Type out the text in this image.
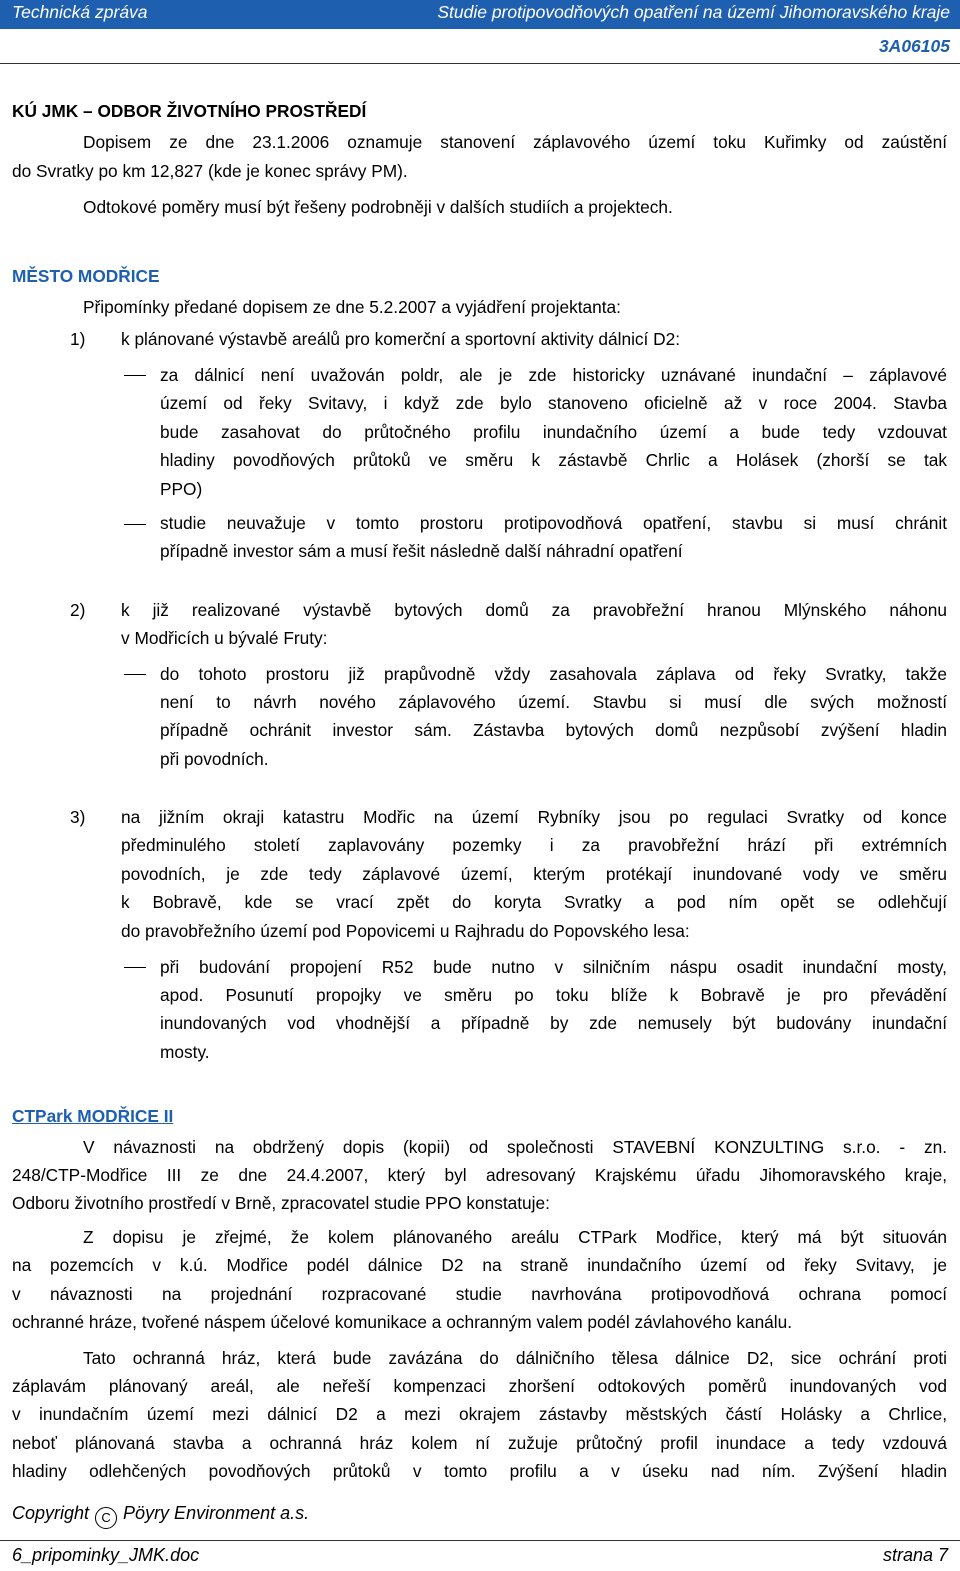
Technická zpráva	Studie protipovodňových opatření na území Jihomoravského kraje
3A06105
KÚ JMK – ODBOR ŽIVOTNÍHO PROSTŘEDÍ
Dopisem ze dne 23.1.2006 oznamuje stanovení záplavového území toku Kuřimky od zaústění
do Svratky po km 12,827 (kde je konec správy PM).
Odtokové poměry musí být řešeny podrobněji v dalších studiích a projektech.
MĚSTO MODŘICE
Připomínky předané dopisem ze dne 5.2.2007 a vyjádření projektanta:
1) k plánované výstavbě areálů pro komerční a sportovní aktivity dálnicí D2:
za dálnicí není uvažován poldr, ale je zde historicky uznávané inundační – záplavové
území od řeky Svitavy, i když zde bylo stanoveno oficielně až v roce 2004. Stavba
bude zasahovat do průtočného profilu inundačního území a bude tedy vzdouvat
hladiny povodňových průtoků ve směru k zástavbě Chrlic a Holásek (zhorší se tak
PPO)
studie neuvažuje v tomto prostoru protipovodňová opatření, stavbu si musí chránit
případně investor sám a musí řešit následně další náhradní opatření
2) k již realizované výstavbě bytových domů za pravobřežní hranou Mlýnského náhonu
v Modřicích u bývalé Fruty:
do tohoto prostoru již prapůvodně vždy zasahovala záplava od řeky Svratky, takže
není to návrh nového záplavového území. Stavbu si musí dle svých možností
případně ochránit investor sám. Zástavba bytových domů nezpůsobí zvýšení hladin
při povodních.
3) na jižním okraji katastru Modřic na území Rybníky jsou po regulaci Svratky od konce
předminulého století zaplavovány pozemky i za pravobřežní hrází při extrémních
povodních, je zde tedy záplavové území, kterým protékají inundované vody ve směru
k Bobravě, kde se vrací zpět do koryta Svratky a pod ním opět se odlehčují
do pravobřežního území pod Popovicemi u Rajhradu do Popovského lesa:
při budování propojení R52 bude nutno v silničním náspu osadit inundační mosty,
apod. Posunutí propojky ve směru po toku blíže k Bobravě je pro převádění
inundovaných vod vhodnější a případně by zde nemusely být budovány inundační
mosty.
CTPark MODŘICE II
V návaznosti na obdržený dopis (kopii) od společnosti STAVEBNÍ KONZULTING s.r.o. - zn.
248/CTP-Modřice III ze dne 24.4.2007, který byl adresovaný Krajskému úřadu Jihomoravského kraje,
Odboru životního prostředí v Brně, zpracovatel studie PPO konstatuje:
Z dopisu je zřejmé, že kolem plánovaného areálu CTPark Modřice, který má být situován
na pozemcích v k.ú. Modřice podél dálnice D2 na straně inundačního území od řeky Svitavy, je
v návaznosti na projednání rozpracované studie navrhována protipovodňová ochrana pomocí
ochranné hráze, tvořené náspem účelové komunikace a ochranným valem podél závlahového kanálu.
Tato ochranná hráz, která bude zavázána do dálničního tělesa dálnice D2, sice ochrání proti
záplavám plánovaný areál, ale neřeší kompenzaci zhoršení odtokových poměrů inundovaných vod
v inundačním území mezi dálnicí D2 a mezi okrajem zástavby městských částí Holásky a Chrlice,
neboť plánovaná stavba a ochranná hráz kolem ní zužuje průtočný profil inundace a tedy vzdouvá
hladiny odlehčených povodňových průtoků v tomto profilu a v úseku nad ním. Zvýšení hladin
Copyright C Pöyry Environment a.s.
6_pripominky_JMK.doc	strana 7
